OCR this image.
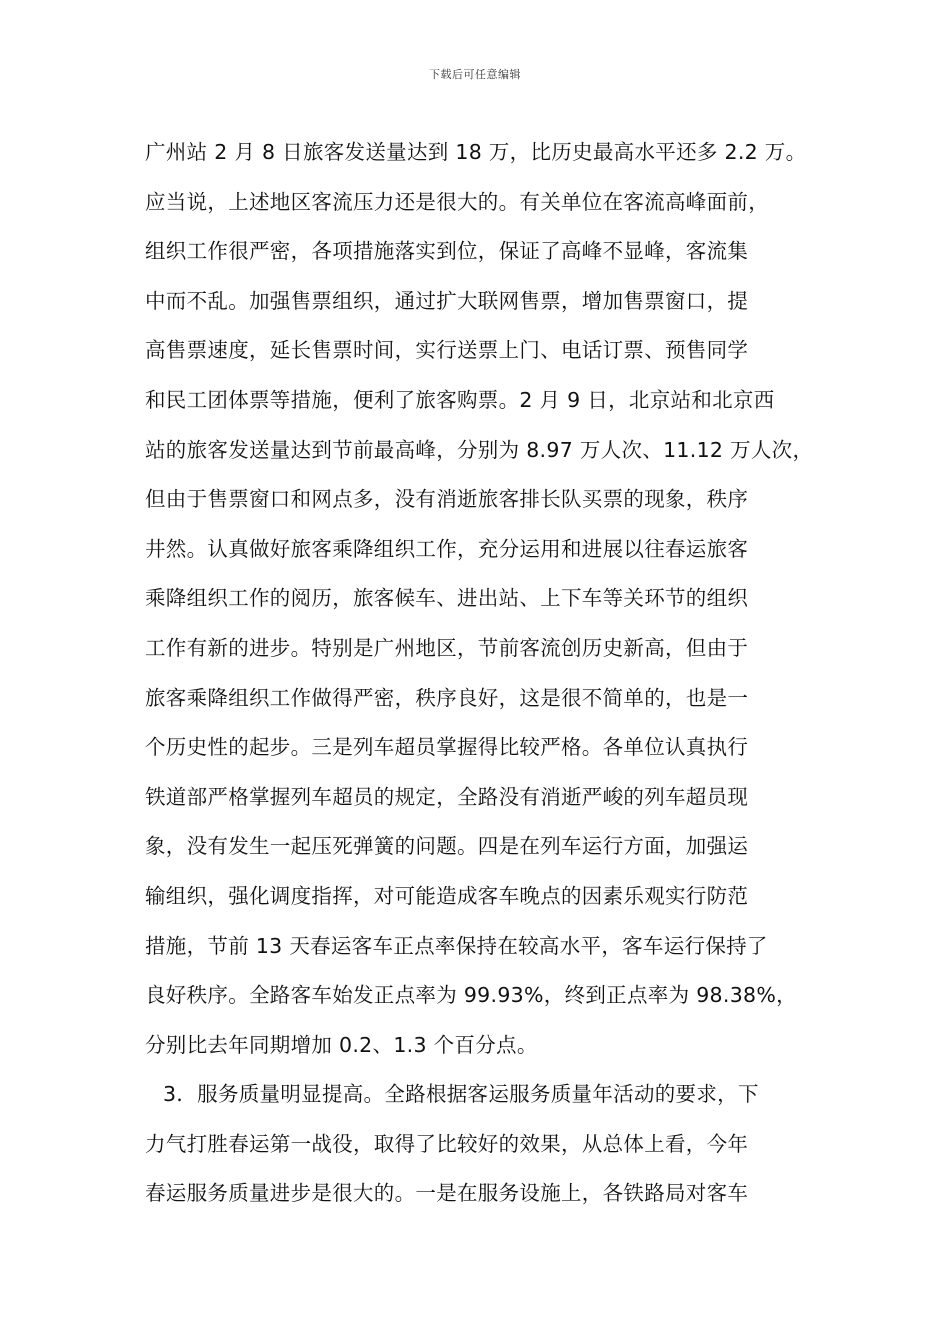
下载后可任意编辑
广州站 2 月 8 日旅客发送量达到 18 万，比历史最高水平还多 2.2 万。
应当说，上述地区客流压力还是很大的。有关单位在客流高峰面前，
组织工作很严密，各项措施落实到位，保证了高峰不显峰，客流集
中而不乱。加强售票组织，通过扩大联网售票，增加售票窗口，提
高售票速度，延长售票时间，实行送票上门、电话订票、预售同学
和民工团体票等措施，便利了旅客购票。2 月 9 日，北京站和北京西
站的旅客发送量达到节前最高峰，分别为 8.97 万人次、11.12 万人次，
但由于售票窗口和网点多，没有消逝旅客排长队买票的现象，秩序
井然。认真做好旅客乘降组织工作，充分运用和进展以往春运旅客
乘降组织工作的阅历，旅客候车、进出站、上下车等关环节的组织
工作有新的进步。特别是广州地区，节前客流创历史新高，但由于
旅客乘降组织工作做得严密，秩序良好，这是很不简单的，也是一
个历史性的起步。三是列车超员掌握得比较严格。各单位认真执行
铁道部严格掌握列车超员的规定，全路没有消逝严峻的列车超员现
象，没有发生一起压死弹簧的问题。四是在列车运行方面，加强运
输组织，强化调度指挥，对可能造成客车晚点的因素乐观实行防范
措施，节前 13 天春运客车正点率保持在较高水平，客车运行保持了
良好秩序。全路客车始发正点率为 99.93%，终到正点率为 98.38%，
分别比去年同期增加 0.2、1.3 个百分点。
3．服务质量明显提高。全路根据客运服务质量年活动的要求，下
力气打胜春运第一战役，取得了比较好的效果，从总体上看，今年
春运服务质量进步是很大的。一是在服务设施上，各铁路局对客车
